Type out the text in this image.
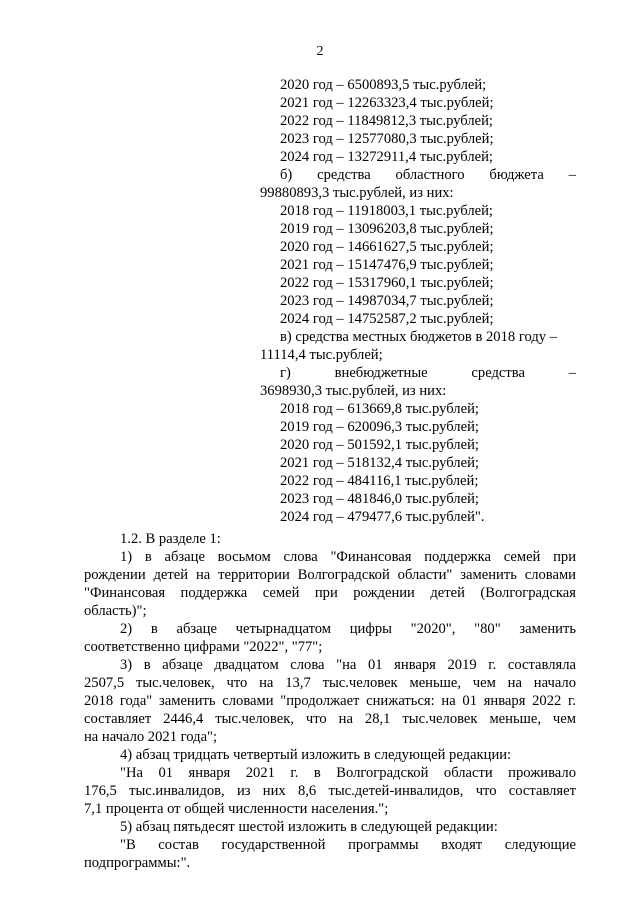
2
2020 год – 6500893,5 тыс.рублей;
2021 год – 12263323,4 тыс.рублей;
2022 год – 11849812,3 тыс.рублей;
2023 год – 12577080,3 тыс.рублей;
2024 год – 13272911,4 тыс.рублей;
б) средства областного бюджета –
99880893,3 тыс.рублей, из них:
2018 год – 11918003,1 тыс.рублей;
2019 год – 13096203,8 тыс.рублей;
2020 год – 14661627,5 тыс.рублей;
2021 год – 15147476,9 тыс.рублей;
2022 год – 15317960,1 тыс.рублей;
2023 год – 14987034,7 тыс.рублей;
2024 год – 14752587,2 тыс.рублей;
в) средства местных бюджетов в 2018 году –
11114,4 тыс.рублей;
г)	внебюджетные	средства	–
3698930,3 тыс.рублей, из них:
2018 год – 613669,8 тыс.рублей;
2019 год – 620096,3 тыс.рублей;
2020 год – 501592,1 тыс.рублей;
2021 год – 518132,4 тыс.рублей;
2022 год – 484116,1 тыс.рублей;
2023 год – 481846,0 тыс.рублей;
2024 год – 479477,6 тыс.рублей".
1.2. В разделе 1:
1) в абзаце восьмом слова "Финансовая поддержка семей при
рождении детей на территории Волгоградской области" заменить словами
"Финансовая поддержка семей при рождении детей (Волгоградская
область)";
2) в абзаце четырнадцатом цифры "2020", "80" заменить
соответственно цифрами "2022", "77";
3) в абзаце двадцатом слова "на 01 января 2019 г. составляла
2507,5 тыс.человек, что на 13,7 тыс.человек меньше, чем на начало
2018 года" заменить словами "продолжает снижаться: на 01 января 2022 г.
составляет 2446,4 тыс.человек, что на 28,1 тыс.человек меньше, чем
на начало 2021 года";
4) абзац тридцать четвертый изложить в следующей редакции:
"На 01 января 2021 г. в Волгоградской области проживало
176,5 тыс.инвалидов, из них 8,6 тыс.детей-инвалидов, что составляет
7,1 процента от общей численности населения.";
5) абзац пятьдесят шестой изложить в следующей редакции:
"В состав государственной программы входят следующие
подпрограммы:".
